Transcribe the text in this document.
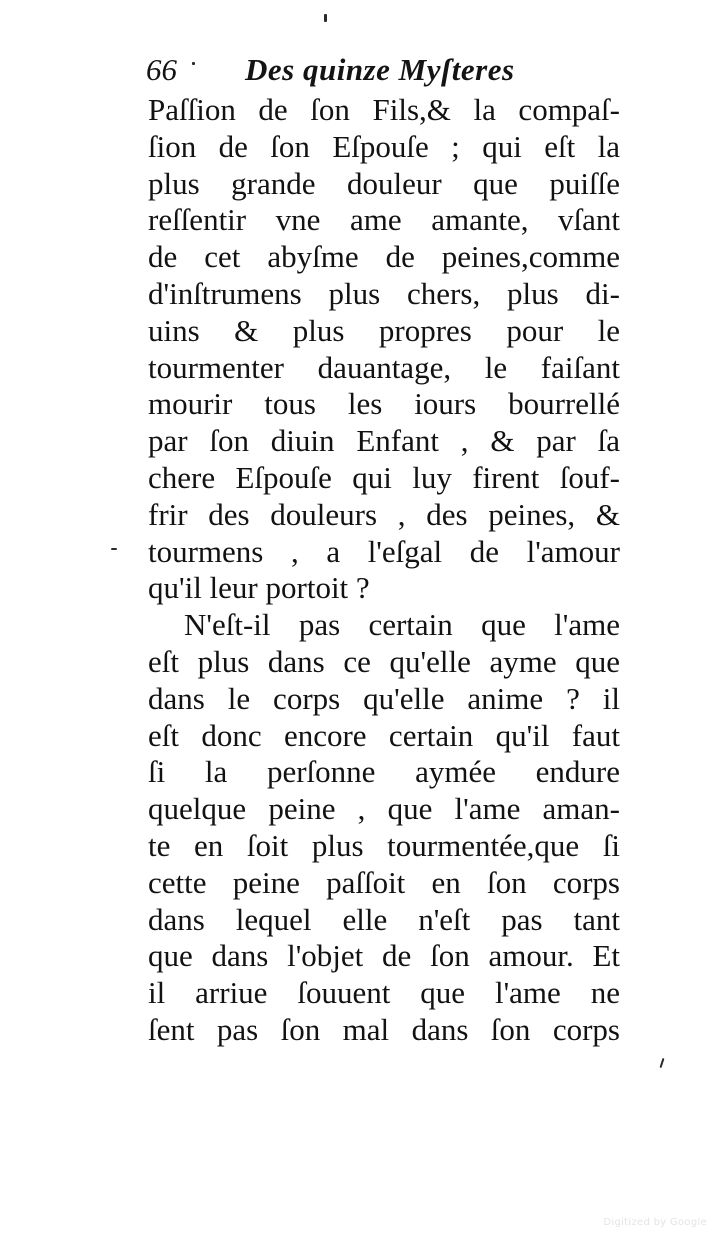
66 Des quinze Myſteres
Paſſion de ſon Fils,& la compaſ-
ſion de ſon Eſpouſe ; qui eſt la
plus grande douleur que puiſſe
reſſentir vne ame amante, vſant
de cet abyſme de peines,comme
d'inſtrumens plus chers, plus di-
uins & plus propres pour le
tourmenter dauantage, le faiſant
mourir tous les iours bourrellé
par ſon diuin Enfant , & par ſa
chere Eſpouſe qui luy firent ſouf-
frir des douleurs , des peines, &
tourmens , a l'eſgal de l'amour
qu'il leur portoit ?
N'eſt-il pas certain que l'ame
eſt plus dans ce qu'elle ayme que
dans le corps qu'elle anime ? il
eſt donc encore certain qu'il faut
ſi la perſonne aymée endure
quelque peine , que l'ame aman-
te en ſoit plus tourmentée,que ſi
cette peine paſſoit en ſon corps
dans lequel elle n'eſt pas tant
que dans l'objet de ſon amour. Et
il arriue ſouuent que l'ame ne
ſent pas ſon mal dans ſon corps
Digitized by Google
